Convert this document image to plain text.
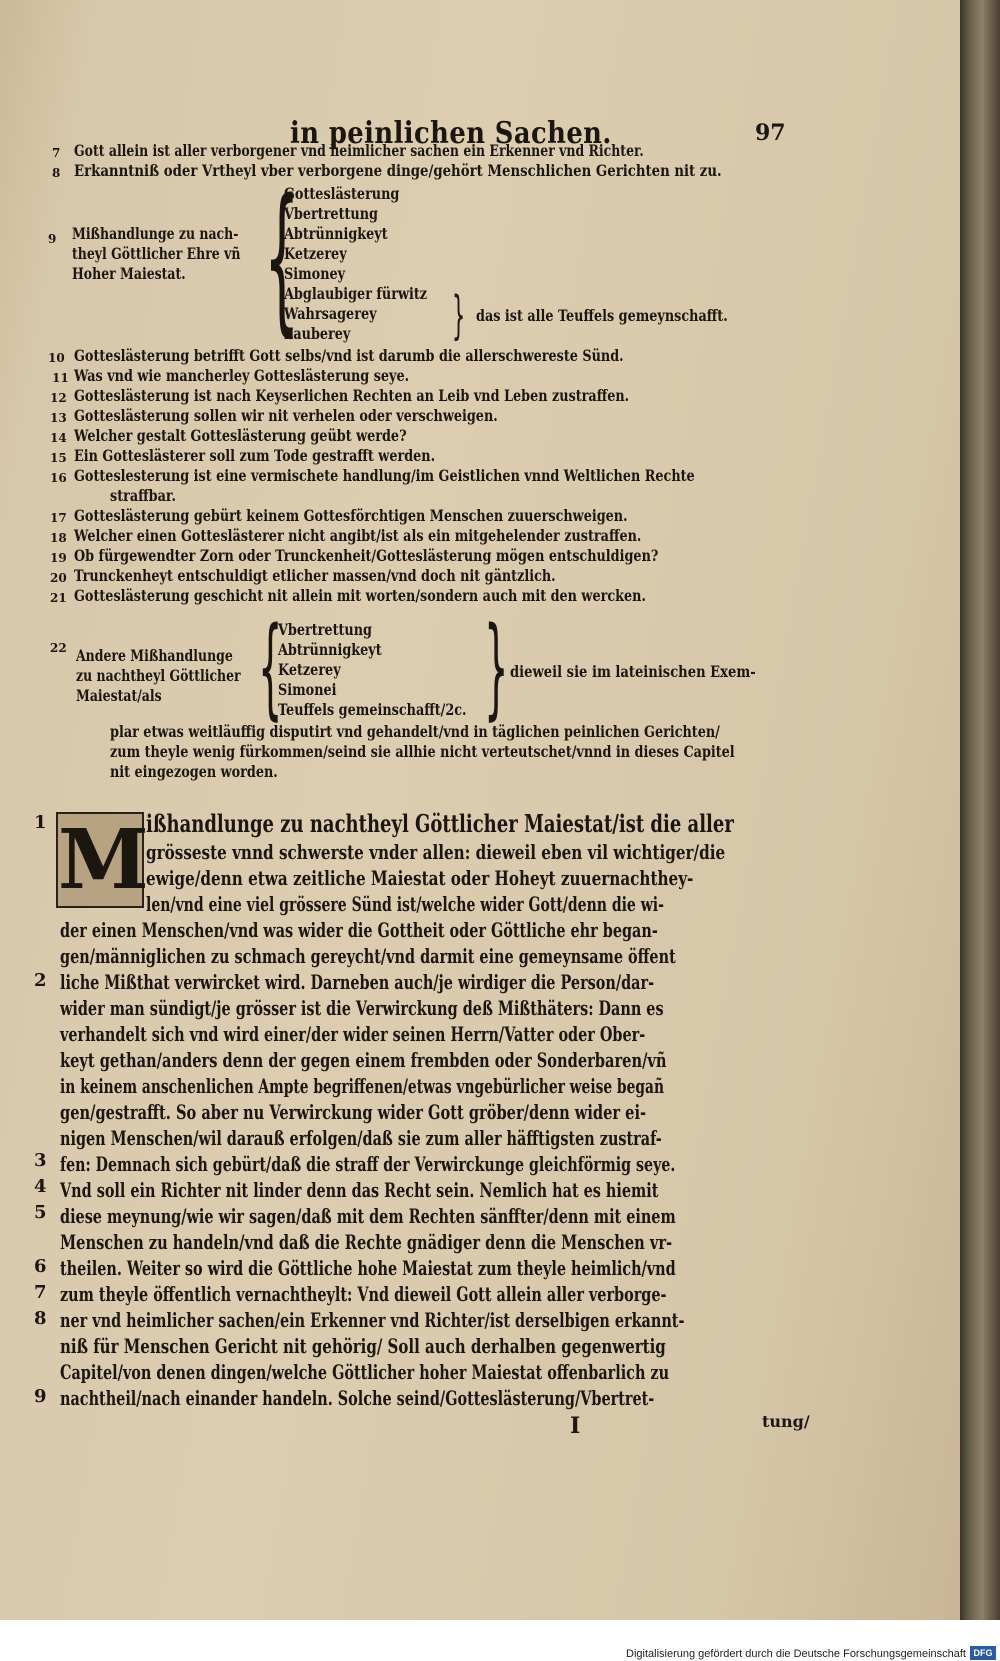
in peinlichen Sachen.	97
7 Gott allein ist aller verborgener vnd heimlicher sachen ein Erkenner vnd Richter.
8 Erkanntniß oder Vrtheyl vber verborgene dinge/gehört Menschlichen Gerichten nit zu.
9 Mißhandlunge zu nach-
theyl Göttlicher Ehre vñ
Hoher Maiestat. {
Gotteslästerung
Vbertrettung
Abtrünnigkeyt
Ketzerey
Simoney
Abglaubiger fürwitz
Wahrsagerey
Zauberey } das ist alle Teuffels gemeynschafft.
10 Gotteslästerung betrifft Gott selbs/vnd ist darumb die allerschwereste Sünd.
11 Was vnd wie mancherley Gotteslästerung seye.
12 Gotteslästerung ist nach Keyserlichen Rechten an Leib vnd Leben zustraffen.
13 Gotteslästerung sollen wir nit verhelen oder verschweigen.
14 Welcher gestalt Gotteslästerung geübt werde?
15 Ein Gotteslästerer soll zum Tode gestrafft werden.
16 Gotteslesterung ist eine vermischete handlung/im Geistlichen vnnd Weltlichen Rechte
straffbar.
17 Gotteslästerung gebürt keinem Gottesförchtigen Menschen zuuerschweigen.
18 Welcher einen Gotteslästerer nicht angibt/ist als ein mitgehelender zustraffen.
19 Ob fürgewendter Zorn oder Trunckenheit/Gotteslästerung mögen entschuldigen?
20 Trunckenheyt entschuldigt etlicher massen/vnd doch nit gäntzlich.
21 Gotteslästerung geschicht nit allein mit worten/sondern auch mit den wercken.
22 Andere Mißhandlunge
zu nachtheyl Göttlicher
Maiestat/als {
Vbertrettung
Abtrünnigkeyt
Ketzerey
Simonei
Teuffels gemeinschafft/2c. } dieweil sie im lateinischen Exem-
plar etwas weitläuffig disputirt vnd gehandelt/vnd in täglichen peinlichen Gerichten/
zum theyle wenig fürkommen/seind sie allhie nicht verteutschet/vnnd in dieses Capitel
nit eingezogen worden.
M
1	ißhandlunge zu nachtheyl Göttlicher Maiestat/ist die aller
grösseste vnnd schwerste vnder allen: dieweil eben vil wichtiger/die
ewige/denn etwa zeitliche Maiestat oder Hoheyt zuuernachthey-
len/vnd eine viel grössere Sünd ist/welche wider Gott/denn die wi-
der einen Menschen/vnd was wider die Gottheit oder Göttliche ehr began-
gen/männiglichen zu schmach gereycht/vnd darmit eine gemeynsame öffent
2 liche Mißthat verwircket wird. Darneben auch/je wirdiger die Person/dar-
wider man sündigt/je grösser ist die Verwirckung deß Mißthäters: Dann es
verhandelt sich vnd wird einer/der wider seinen Herrn/Vatter oder Ober-
keyt gethan/anders denn der gegen einem frembden oder Sonderbaren/vñ
in keinem anschenlichen Ampte begriffenen/etwas vngebürlicher weise begañ
gen/gestrafft. So aber nu Verwirckung wider Gott gröber/denn wider ei-
nigen Menschen/wil darauß erfolgen/daß sie zum aller häfftigsten zustraf-
3 fen: Demnach sich gebürt/daß die straff der Verwirckunge gleichförmig seye.
4 Vnd soll ein Richter nit linder denn das Recht sein. Nemlich hat es hiemit
5 diese meynung/wie wir sagen/daß mit dem Rechten sänffter/denn mit einem
Menschen zu handeln/vnd daß die Rechte gnädiger denn die Menschen vr-
6 theilen. Weiter so wird die Göttliche hohe Maiestat zum theyle heimlich/vnd
7 zum theyle öffentlich vernachtheylt: Vnd dieweil Gott allein aller verborge-
8 ner vnd heimlicher sachen/ein Erkenner vnd Richter/ist derselbigen erkannt-
niß für Menschen Gericht nit gehörig/ Soll auch derhalben gegenwertig
Capitel/von denen dingen/welche Göttlicher hoher Maiestat offenbarlich zu
9 nachtheil/nach einander handeln. Solche seind/Gotteslästerung/Vbertret-
I	tung/
Digitalisierung gefördert durch die Deutsche Forschungsgemeinschaft DFG
